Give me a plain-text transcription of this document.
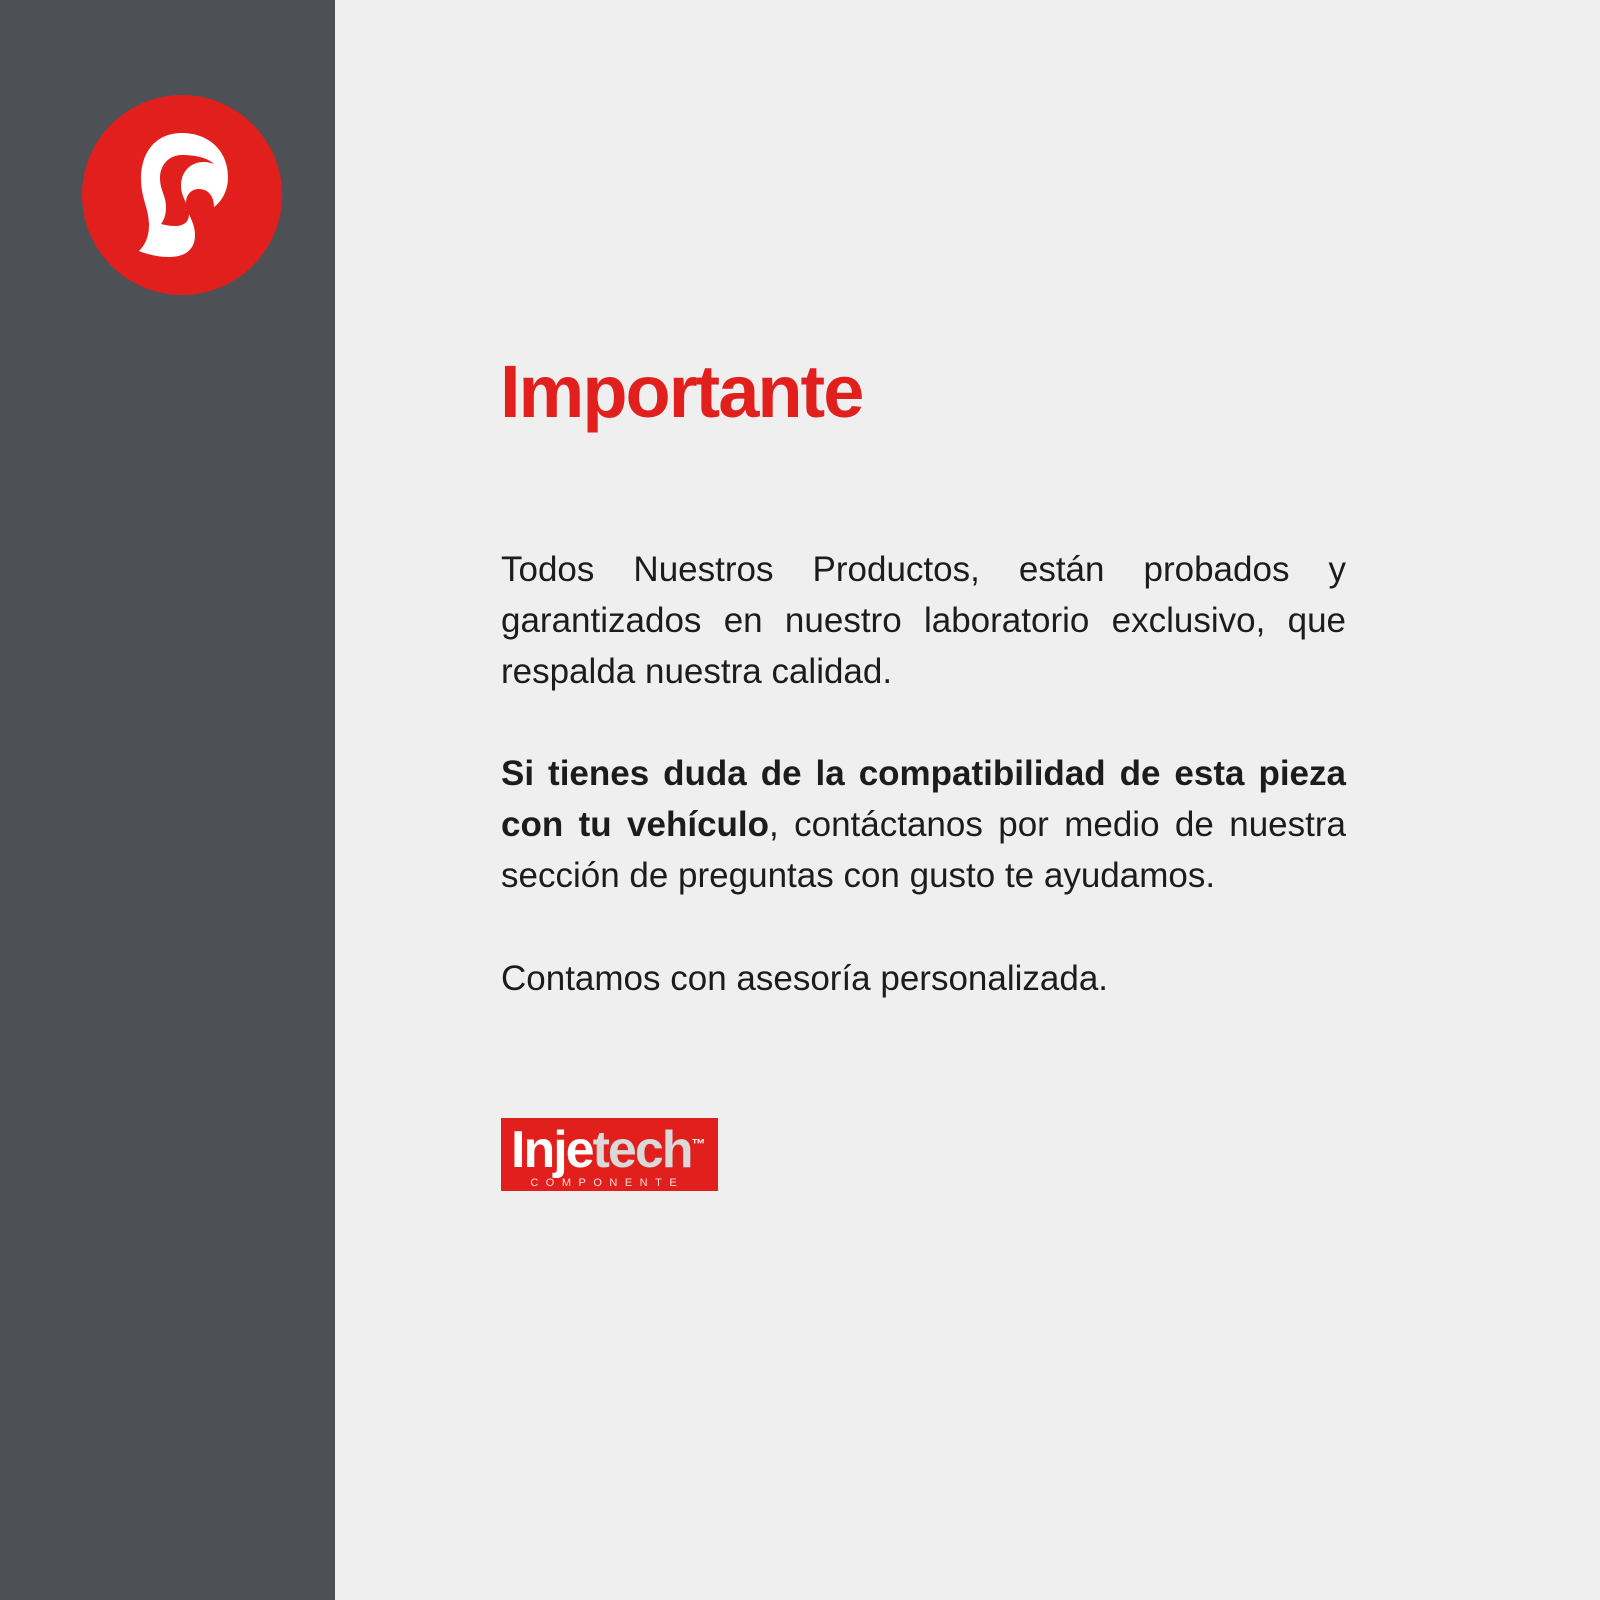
Importante

Todos Nuestros Productos, están probados y garantizados en nuestro laboratorio exclusivo, que respalda nuestra calidad.

Si tienes duda de la compatibilidad de esta pieza con tu vehículo, contáctanos por medio de nuestra sección de preguntas con gusto te ayudamos.

Contamos con asesoría personalizada.

Injetech™
COMPONENTE
